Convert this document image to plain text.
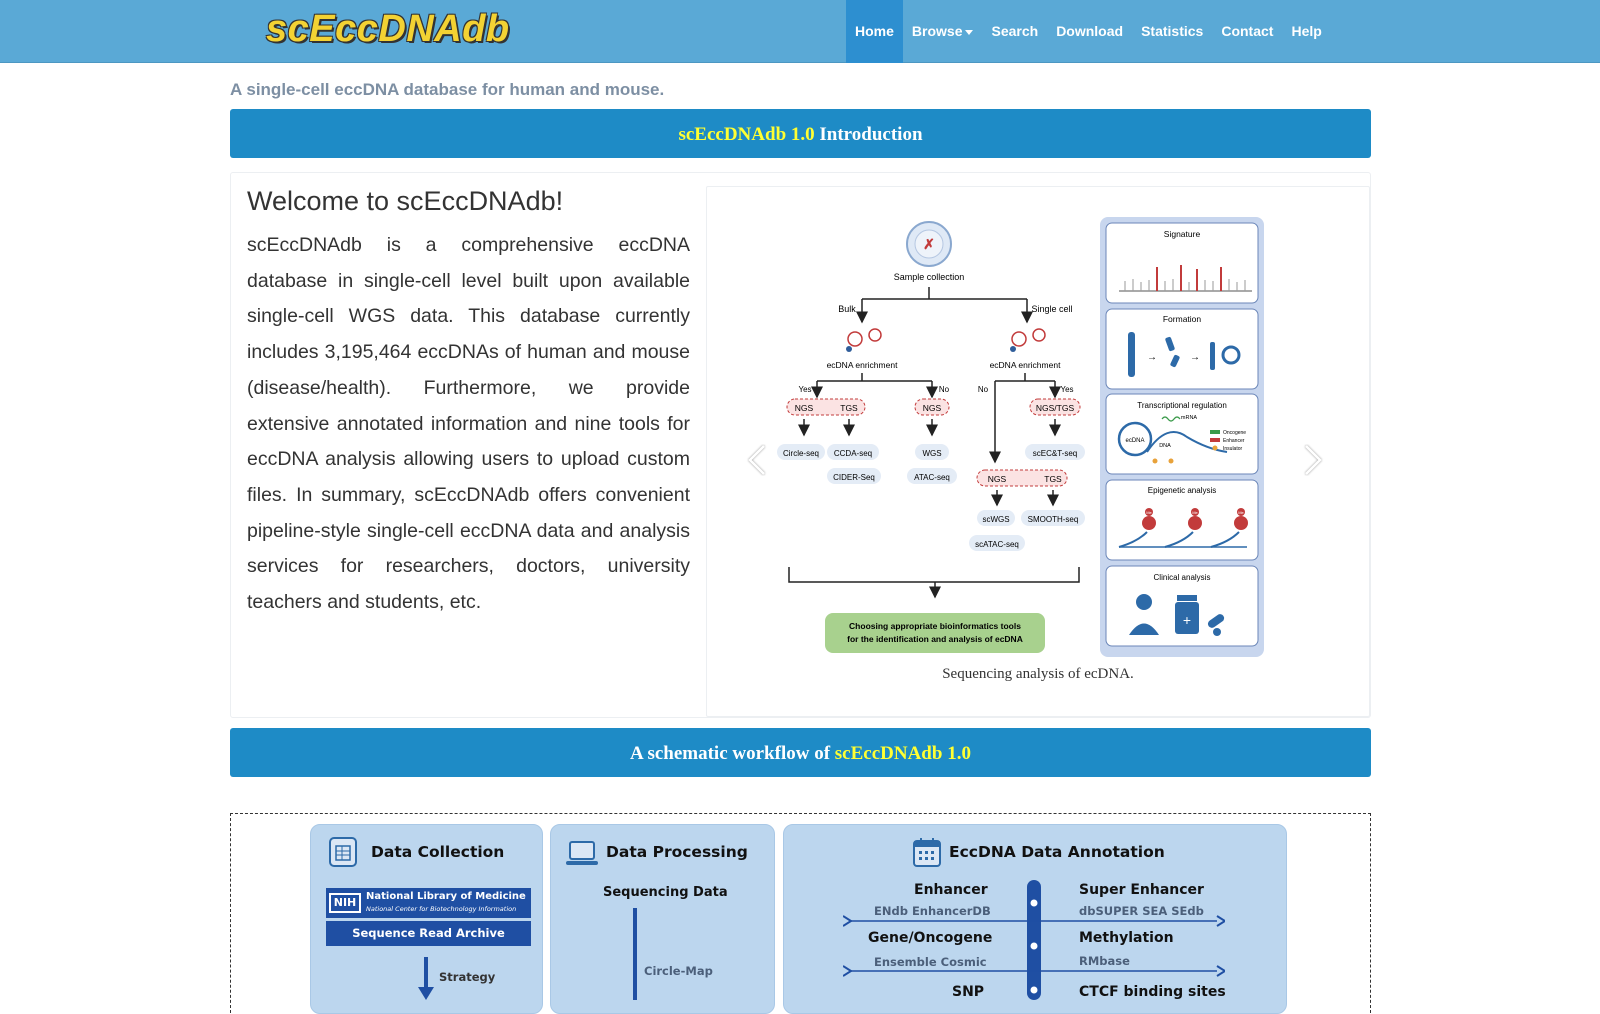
scEccDNAdb	Home	Browse	Search	Download	Statistics	Contact	Help
A single-cell eccDNA database for human and mouse.
scEccDNAdb 1.0 Introduction
Welcome to scEccDNAdb!
scEccDNAdb is a comprehensive eccDNA database in single-cell level built upon available single-cell WGS data. This database currently includes 3,195,464 eccDNAs of human and mouse (disease/health). Furthermore, we provide extensive annotated information and nine tools for eccDNA analysis allowing users to upload custom files. In summary, scEccDNAdb offers convenient pipeline-style single-cell eccDNA data and analysis services for researchers, doctors, university teachers and students, etc.
✗
Sample collection
Bulk	Single cell
ecDNA enrichment	ecDNA enrichment
Yes	No
NGS	TGS	NGS
Circle-seq CCDA-seq
CIDER-Seq
WGS
ATAC-seq
No	Yes
NGS/TGS
scEC&T-seq
NGS	TGS
scWGS SMOOTH-seq
scATAC-seq
Choosing appropriate bioinformatics tools
for the identification and analysis of ecDNA
Signature
Formation
→	→
Transcriptional regulation
ecDNA
DNA
mRNA
Oncogene
Enhancer
Insulator
Epigenetic analysis
Me	Me	Me
Clinical analysis
+
Sequencing analysis of ecDNA.
A schematic workflow of scEccDNAdb 1.0
Data Collection
NIH National Library of Medicine
National Center for Biotechnology Information
Sequence Read Archive
Strategy
Data Processing
Sequencing Data
Circle-Map
EccDNA Data Annotation
Enhancer
ENdb EnhancerDB
Super Enhancer
dbSUPER SEA SEdb
Gene/Oncogene
Ensemble Cosmic
Methylation
RMbase
SNP	CTCF binding sites
